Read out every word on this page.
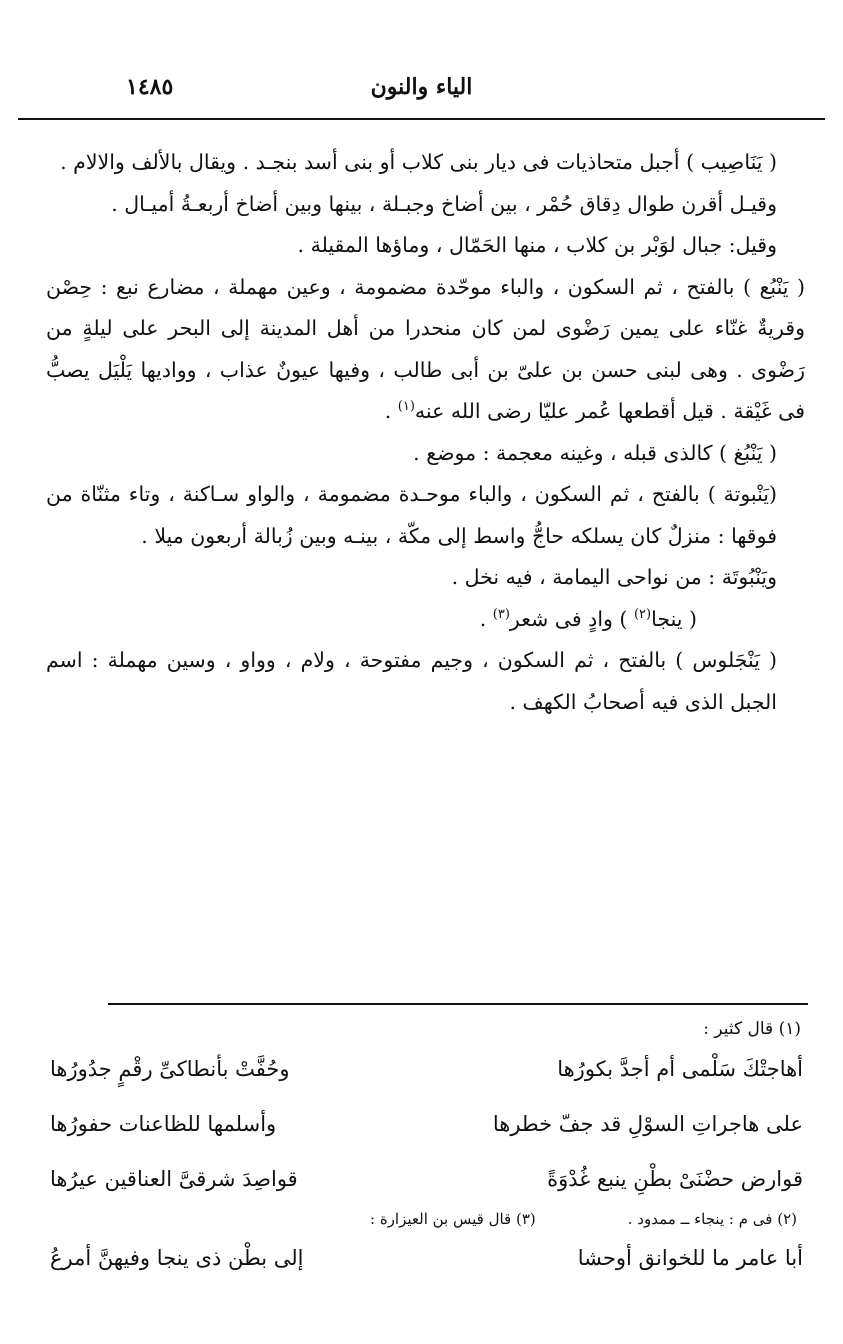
الياء والنون
١٤٨٥

( يَنَاصِيب ) أجبل متحاذيات فى ديار بنى كلاب أو بنى أسد بنجـد . ويقال بالألف والالام .

وقيـل أقرن طوال دِقاق حُمْر ، بين أضاخ وجبـلة ، بينها وبين أضاخ أربعـةُ أميـال .

وقيل: جبال لوَبْر بن كلاب ، منها الحَمّال ، وماؤها المقيلة .

( يَنْبُع ) بالفتح ، ثم السكون ، والباء موحّدة مضمومة ، وعين مهملة ، مضارع نبع : حِصْن وقريةٌ غنّاء على يمين رَضْوى لمن كان منحدرا من أهل المدينة إلى البحر على ليلةٍ من رَضْوى . وهى لبنى حسن بن علىّ بن أبى طالب ، وفيها عيونٌ عذاب ، وواديها يَلْيَل يصبُّ فى غَيْقة . قيل أقطعها عُمر عليّا رضى الله عنه$^{(١)}$ .

( يَنْبُغ ) كالذى قبله ، وغينه معجمة : موضع .

(يَنْبوتة ) بالفتح ، ثم السكون ، والباء موحـدة مضمومة ، والواو سـاكنة ، وتاء مثنّاة من فوقها : منزلٌ كان يسلكه حاجُّ واسط إلى مكّة ، بينـه وبين زُبالة أربعون ميلا .

ويَنْبُوتَة : من نواحى اليمامة ، فيه نخل .

( ينجا$^{(٢)}$ ) وادٍ فى شعر$^{(٣)}$ .

( يَنْجَلوس ) بالفتح ، ثم السكون ، وجيم مفتوحة ، ولام ، وواو ، وسين مهملة : اسم الجبل الذى فيه أصحابُ الكهف .

(١) قال كثير :
أهاجتْكَ سَلْمى أم أجدَّ بكورُها
وحُفَّتْ بأنطاكىِّ رقْمٍ جدُورُها
على هاجراتِ السوْلِ قد جفّ خطرها
وأسلمها للظاعنات حفورُها
قوارض حضْنَىْ بطْنِ ينبع غُدْوَةً
قواصِدَ شرقىَّ العناقين عيرُها
(٢) فى م : ينجاء ــ ممدود .
(٣) قال قيس بن العيزارة :
أبا عامر ما للخوانق أوحشا
إلى بطْن ذى ينجا وفيهنَّ أمرعُ
